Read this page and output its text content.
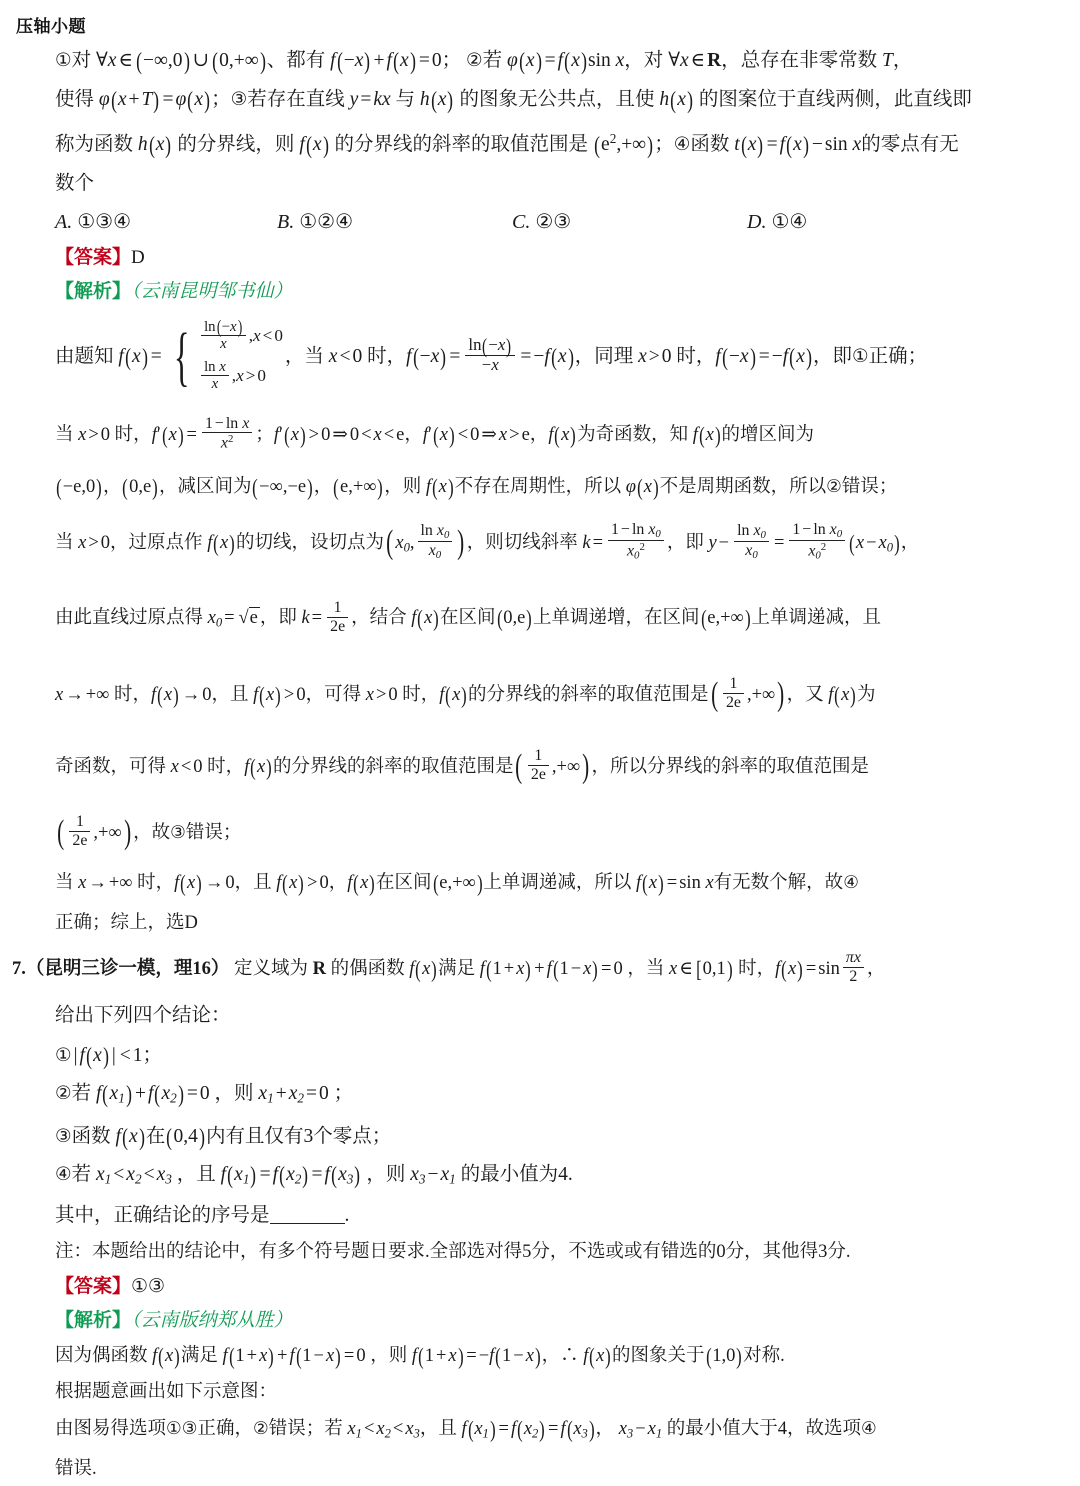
压轴小题
①对 ∀x ∈ (−∞,0) ∪ (0,+∞)、都有 f(−x) + f(x) = 0； ②若 φ(x) = f(x)sin x，对 ∀x ∈ R，总存在非零常数 T，
使得 φ(x + T) = φ(x)；③若存在直线 y = kx 与 h(x) 的图象无公共点，且使 h(x) 的图案位于直线两侧，此直线即
称为函数 h(x) 的分界线，则 f(x) 的分界线的斜率的取值范围是 $(e^2,+\infty)$；④函数 t(x) = f(x) − sin x的零点有无
数个
A. ①③④	B. ①②④	C. ②③	D. ①④
【答案】D
【解析】（云南昆明邹书仙）
由题知 f(x) = { $\frac{\ln(-x)}{x} ,x < 0$
$\frac{\text{ln x}}{x} ,x > 0$
，当 x < 0 时，$f(-x) = \frac{\ln(-x)}{-x} = -f(x)$，同理 x > 0 时，f(−x) = −f(x)，即①正确；
当 x > 0 时，$f'(x) = \frac{\text{1 − ln x}}{x^2}$ ；f′(x) > 0 ⇒ 0 < x < e，f′(x) < 0 ⇒ x > e，f(x)为奇函数，知 f(x)的增区间为
(−e,0)，(0,e)，减区间为(−∞,−e)，(e,+∞)，则 f(x)不存在周期性，所以 φ(x)不是周期函数，所以②错误；
当 x > 0，过原点作 f(x)的切线，设切点为( $x_0$, $\frac{\ln x_0}{x_0}$ ) ，则切线斜率 $k = \frac{1 - \ln x_0}{x_0^2}$ ，即 $y - \frac{\ln x_0}{x_0} = \frac{1 - \ln x_0}{x_0^2} (x - x_0)$，
由此直线过原点得 $x_0 = √e$ ，即 $k = \frac{1}{2e}$ ，结合 f(x)在区间(0,e)上单调递增，在区间(e,+∞)上单调递减，且
x → +∞ 时，f(x) → 0，且 f(x) > 0，可得 x > 0 时，f(x)的分界线的斜率的取值范围是( $\frac{1}{2e}$ ,+∞) ，又 f(x)为
奇函数，可得 x < 0 时，f(x)的分界线的斜率的取值范围是( $\frac{1}{2e}$ ,+∞) ，所以分界线的斜率的取值范围是
( $\frac{1}{2e}$ ,+∞) ，故③错误；
当 x → +∞ 时，f(x) → 0，且 f(x) > 0，f(x)在区间(e,+∞)上单调递减，所以 f(x) = sin x有无数个解，故④
正确；综上，选D
7.（昆明三诊一模，理16） 定义域为 R 的偶函数 f(x)满足 f(1 + x) + f(1 − x) = 0 ，当 x ∈ [0,1) 时，$f(x) = \sin \frac{\pi x}{2}$ ，
给出下列四个结论：
① | f(x) | < 1；
②若 $f(x_1) + f(x_2) = 0$ ，则 $x_1 + x_2 = 0$ ；
③函数 f(x)在(0,4)内有且仅有3个零点；
④若 $x_1 < x_2 < x_3$ ，且 $f(x_1) = f(x_2) = f(x_3)$ ，则 $x_3 - x_1$ 的最小值为4.
其中，正确结论的序号是	.
注：本题给出的结论中，有多个符号题日要求.全部选对得5分，不选或或有错选的0分，其他得3分.
【答案】①③
【解析】（云南版纳郑从胜）
因为偶函数 f(x)满足 f(1 + x) + f(1 − x) = 0 ，则 f(1 + x) = −f(1 − x)，∴ f(x)的图象关于(1,0)对称.
根据题意画出如下示意图：
由图易得选项①③正确，②错误；若 $x_1 < x_2 < x_3$，且 $f(x_1) = f(x_2) = f(x_3)$， $x_3 - x_1$ 的最小值大于4，故选项④
错误.
